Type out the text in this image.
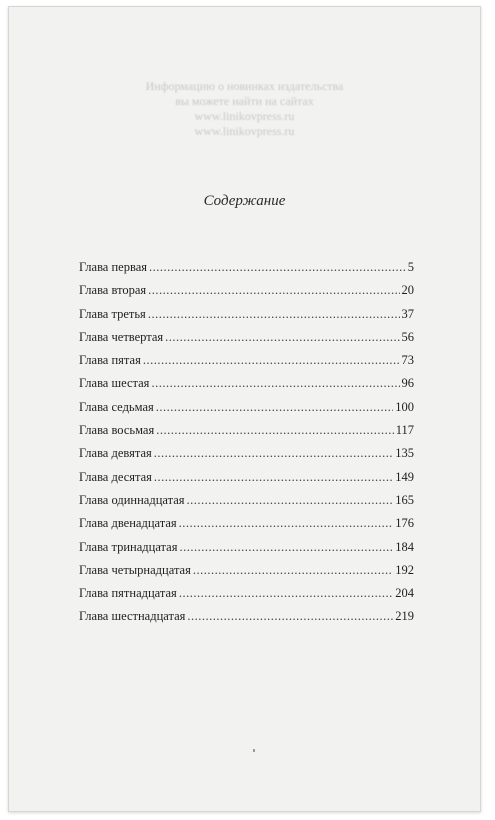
Информацию о новинках издательства
вы можете найти на сайтах
www.linikovpress.ru
www.linikovpress.ru
Содержание
Глава первая .....	5
Глава вторая .....	20
Глава третья .....	37
Глава четвертая .....	56
Глава пятая .....	73
Глава шестая .....	96
Глава седьмая .....	100
Глава восьмая .....	117
Глава девятая .....	135
Глава десятая .....	149
Глава одиннадцатая .....	165
Глава двенадцатая .....	176
Глава тринадцатая .....	184
Глава четырнадцатая .....	192
Глава пятнадцатая .....	204
Глава шестнадцатая .....	219
